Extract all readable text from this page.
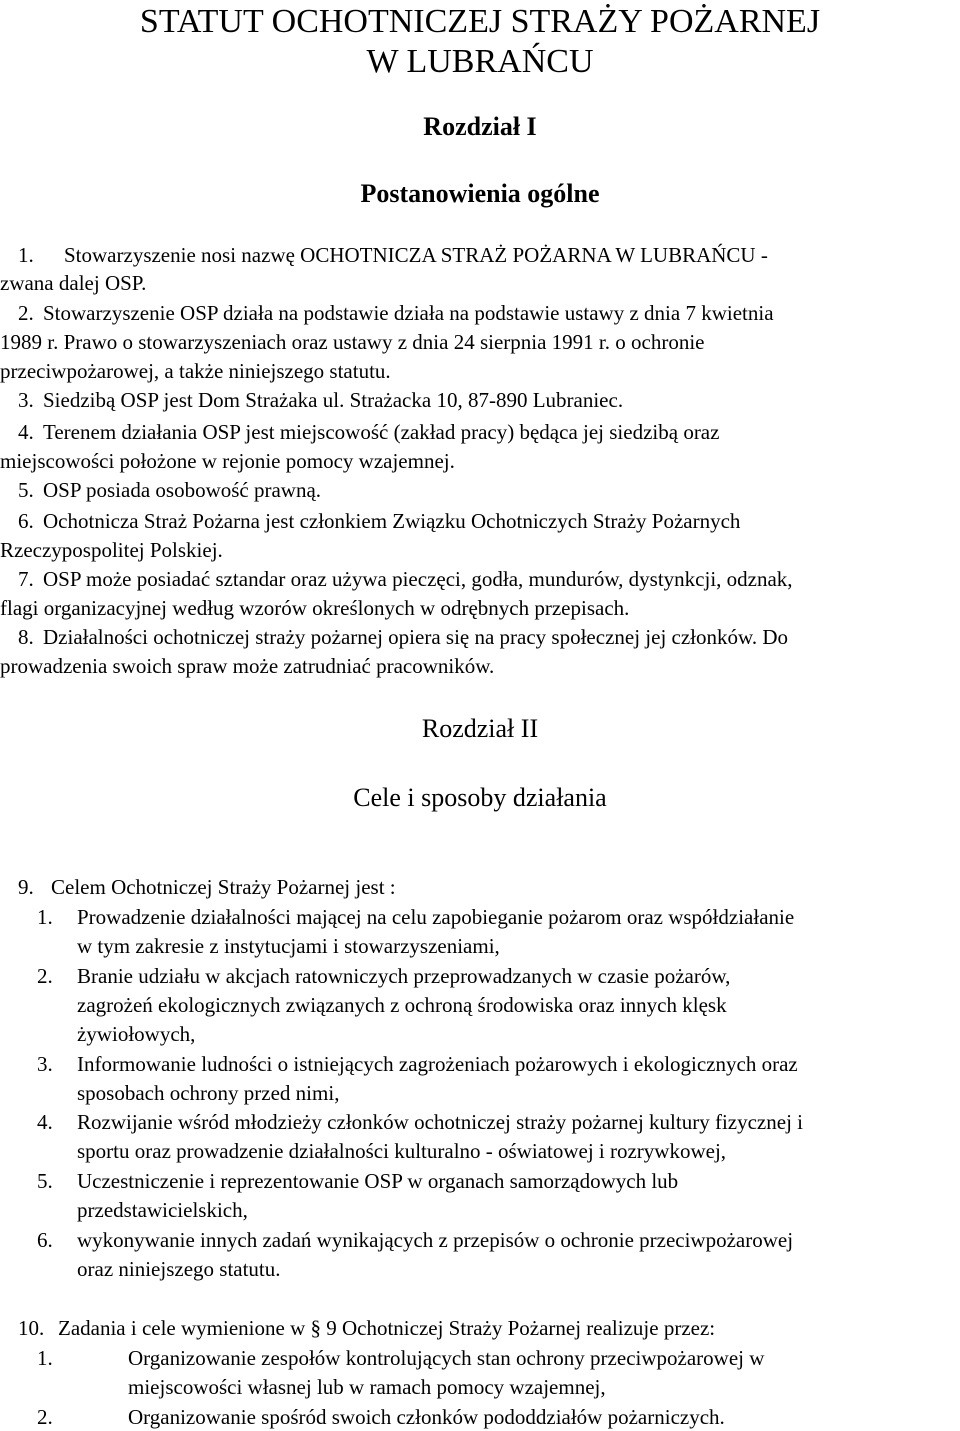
STATUT OCHOTNICZEJ STRAŻY POŻARNEJ
W LUBRAŃCU
Rozdział I
Postanowienia ogólne
1. Stowarzyszenie nosi nazwę OCHOTNICZA STRAŻ POŻARNA W LUBRAŃCU -
zwana dalej OSP.
2. Stowarzyszenie OSP działa na podstawie działa na podstawie ustawy z dnia 7 kwietnia
1989 r. Prawo o stowarzyszeniach oraz ustawy z dnia 24 sierpnia 1991 r. o ochronie
przeciwpożarowej, a także niniejszego statutu.
3. Siedzibą OSP jest Dom Strażaka ul. Strażacka 10, 87-890 Lubraniec.
4. Terenem działania OSP jest miejscowość (zakład pracy) będąca jej siedzibą oraz
miejscowości położone w rejonie pomocy wzajemnej.
5. OSP posiada osobowość prawną.
6. Ochotnicza Straż Pożarna jest członkiem Związku Ochotniczych Straży Pożarnych
Rzeczypospolitej Polskiej.
7. OSP może posiadać sztandar oraz używa pieczęci, godła, mundurów, dystynkcji, odznak,
flagi organizacyjnej według wzorów określonych w odrębnych przepisach.
8. Działalności ochotniczej straży pożarnej opiera się na pracy społecznej jej członków. Do
prowadzenia swoich spraw może zatrudniać pracowników.
Rozdział II
Cele i sposoby działania
9. Celem Ochotniczej Straży Pożarnej jest :
1. Prowadzenie działalności mającej na celu zapobieganie pożarom oraz współdziałanie
w tym zakresie z instytucjami i stowarzyszeniami,
2. Branie udziału w akcjach ratowniczych przeprowadzanych w czasie pożarów,
zagrożeń ekologicznych związanych z ochroną środowiska oraz innych klęsk
żywiołowych,
3. Informowanie ludności o istniejących zagrożeniach pożarowych i ekologicznych oraz
sposobach ochrony przed nimi,
4. Rozwijanie wśród młodzieży członków ochotniczej straży pożarnej kultury fizycznej i
sportu oraz prowadzenie działalności kulturalno - oświatowej i rozrywkowej,
5. Uczestniczenie i reprezentowanie OSP w organach samorządowych lub
przedstawicielskich,
6. wykonywanie innych zadań wynikających z przepisów o ochronie przeciwpożarowej
oraz niniejszego statutu.
10. Zadania i cele wymienione w § 9 Ochotniczej Straży Pożarnej realizuje przez:
1.	Organizowanie zespołów kontrolujących stan ochrony przeciwpożarowej w
miejscowości własnej lub w ramach pomocy wzajemnej,
2.	Organizowanie spośród swoich członków pododdziałów pożarniczych.
